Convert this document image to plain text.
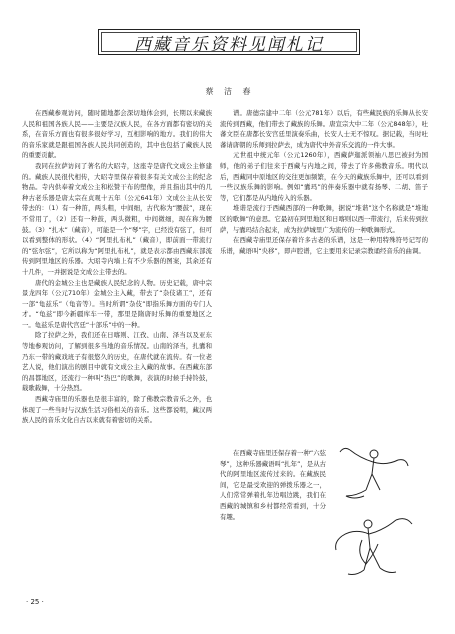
西藏音乐资料见闻札记
蔡 洁 春

在西藏参观访问，随时随地都会深切地体会到，长期以来藏族人民和祖国各族人民——主要是汉族人民，在各方面都有密切的关系，在音乐方面也有很多很好学习，互相影响的地方。我们的伟大的音乐家就是跟祖国各族人民共同创造的，其中也包括了藏族人民的重要贡献。

我同在拉萨访问了著名的大昭寺，这座寺是唐代文成公主修建的。藏族人民很代相传，大昭寺里保存着很多有关文成公主的纪念物品。寺内供奉着文成公主和松赞干布的塑像，并且指出其中的几种古老乐器是唐太宗在贞观十五年（公元641年）文成公主从长安带去的：（1）有一种笛，两头粗，中间细，古代称为“腰鼓”，现在不常用了，（2）还有一种鼓，两头微粗，中间微细，现在称为腰鼓。（3）“扎木”（藏音），可能是一个“琴”字，已经没有弦了，但可以看到整体的形状。（4）“阿里扎布札”（藏音），即前面一带流行的“弦尔弦”，它所以称为“阿里扎布札”，就是表示都由西藏东部流传到阿里地区的乐器。大昭寺内墙上有不少乐器的图案，其余还有十几件，一并据说是文成公主带去的。

唐代的金城公主也是藏族人民纪念的人物。历史记载，唐中宗景龙四年（公元710年）金城公主入藏，带去了“杂伎诸工”，还有一部“龟兹乐”（龟音等）。当时所谓“杂伎”即指乐舞方面的专门人才。“龟兹”即今新疆库车一带，那里是隋唐时乐舞的重要地区之一。龟兹乐是唐代宫廷“十部乐”中的一种。

除了拉萨之外，我们还在日喀则、江孜、山南、泽当以及亚东等地参观访问，了解到很多当地的音乐情况。山南的泽当，扎囊和乃东一带的藏戏班子有很悠久的历史，在唐代就在流传。有一位老艺人说，他们演出的剧目中就有文成公主入藏的故事。在西藏东部的昌都地区，还流行一种叫“热巴”的歌舞，表演的时候手持铃鼓，载歌载舞，十分热烈。

西藏寺庙里的乐器也是很丰富的，除了佛教宗教音乐之外，也体现了一些当时与汉族生活习俗相关的音乐。这些都说明，藏汉两族人民的音乐文化自古以来就有着密切的关系。

谱。唐德宗建中二年（公元781年）以后，有些藏民族的乐舞从长安流传到西藏，他们带去了藏族的乐舞。唐宣宗大中二年（公元848年），吐蕃文臣在唐都长安宫廷里演奏乐曲，长安人士无不惊叹。据记载，当时吐蕃请唐朝的乐师到拉萨去，成为唐代中外音乐交流的一件大事。

元世祖中统元年（公元1260年），西藏萨迦派领袖八思巴被封为国师，他的弟子们往来于西藏与内地之间，带去了许多佛教音乐。明代以后，西藏同中原地区的交往更加频繁，在今天的藏族乐舞中，还可以看到一些汉族乐舞的影响。例如“囊玛”的伴奏乐器中就有扬琴、二胡、笛子等，它们都是从内地传入的乐器。

堆谐是流行于西藏西部的一种歌舞，据说“堆谐”这个名称就是“堆地区的歌舞”的意思。它最初在阿里地区和日喀则以西一带流行，后来传到拉萨，与囊玛结合起来，成为拉萨城里广为流传的一种歌舞形式。

在西藏寺庙里还保存着许多古老的乐谱，这是一种用特殊符号记写的乐谱，藏语叫“央移”，即声腔谱，它主要用来记录宗教诵经音乐的曲调。

在西藏寺庙里还保存着一种“六弦琴”，这种乐器藏语叫“扎年”，是从古代的阿里地区流传过来的。在藏族民间，它是最受欢迎的弹拨乐器之一，人们常常弹着扎年边唱边跳，我们在西藏的城镇和乡村都经常看到，十分有趣。

· 25 ·
